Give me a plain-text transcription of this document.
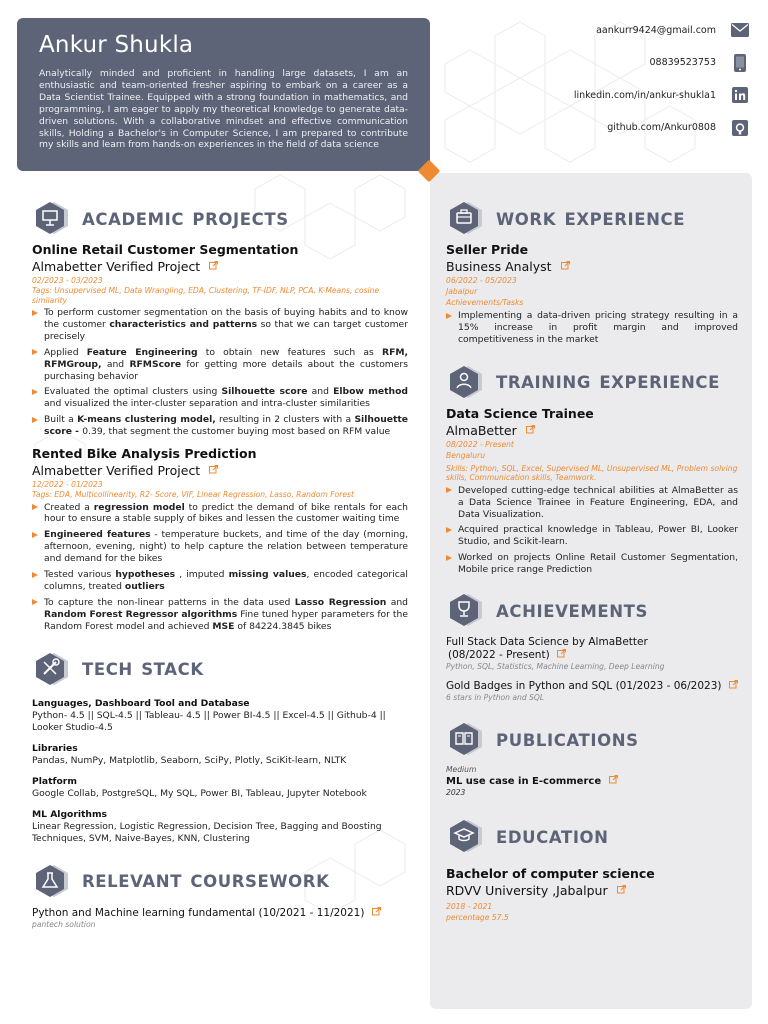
Ankur Shukla
Analytically minded and proficient in handling large datasets, I am an enthusiastic and team-oriented fresher aspiring to embark on a career as a Data Scientist Trainee. Equipped with a strong foundation in mathematics, and programming, I am eager to apply my theoretical knowledge to generate data-driven solutions. With a collaborative mindset and effective communication skills, Holding a Bachelor's in Computer Science, I am prepared to contribute my skills and learn from hands-on experiences in the field of data science
aankurr9424@gmail.com
08839523753
linkedin.com/in/ankur-shukla1
github.com/Ankur0808
ACADEMIC PROJECTS
Online Retail Customer Segmentation
Almabetter Verified Project
02/2023 - 03/2023
Tags: Unsupervised ML, Data Wrangling, EDA, Clustering, TF-IDF, NLP, PCA, K-Means, cosine similarity
To perform customer segmentation on the basis of buying habits and to know the customer characteristics and patterns so that we can target customer precisely
Applied Feature Engineering to obtain new features such as RFM, RFMGroup, and RFMScore for getting more details about the customers purchasing behavior
Evaluated the optimal clusters using Silhouette score and Elbow method and visualized the inter-cluster separation and intra-cluster similarities
Built a K-means clustering model, resulting in 2 clusters with a Silhouette score - 0.39, that segment the customer buying most based on RFM value
Rented Bike Analysis Prediction
Almabetter Verified Project
12/2022 - 01/2023
Tags: EDA, Multicollinearity, R2- Score, VIF, Linear Regression, Lasso, Random Forest
Created a regression model to predict the demand of bike rentals for each hour to ensure a stable supply of bikes and lessen the customer waiting time
Engineered features - temperature buckets, and time of the day (morning, afternoon, evening, night) to help capture the relation between temperature and demand for the bikes
Tested various hypotheses , imputed missing values, encoded categorical columns, treated outliers
To capture the non-linear patterns in the data used Lasso Regression and Random Forest Regressor algorithms Fine tuned hyper parameters for the Random Forest model and achieved MSE of 84224.3845 bikes
TECH STACK
Languages, Dashboard Tool and Database
Python- 4.5 || SQL-4.5 || Tableau- 4.5 || Power BI-4.5 || Excel-4.5 || Github-4 || Looker Studio-4.5
Libraries
Pandas, NumPy, Matplotlib, Seaborn, SciPy, Plotly, SciKit-learn, NLTK
Platform
Google Collab, PostgreSQL, My SQL, Power BI, Tableau, Jupyter Notebook
ML Algorithms
Linear Regression, Logistic Regression, Decision Tree, Bagging and Boosting Techniques, SVM, Naive-Bayes, KNN, Clustering
RELEVANT COURSEWORK
Python and Machine learning fundamental (10/2021 - 11/2021)
pantech solution
WORK EXPERIENCE
Seller Pride
Business Analyst
06/2022 - 05/2023
Jabalpur
Achievements/Tasks
Implementing a data-driven pricing strategy resulting in a 15% increase in profit margin and improved competitiveness in the market
TRAINING EXPERIENCE
Data Science Trainee
AlmaBetter
08/2022 - Present
Bengaluru
Skills: Python, SQL, Excel, Supervised ML, Unsupervised ML, Problem solving skills, Communication skills, Teamwork.
Developed cutting-edge technical abilities at AlmaBetter as a Data Science Trainee in Feature Engineering, EDA, and Data Visualization.
Acquired practical knowledge in Tableau, Power BI, Looker Studio, and Scikit-learn.
Worked on projects Online Retail Customer Segmentation, Mobile price range Prediction
ACHIEVEMENTS
Full Stack Data Science by AlmaBetter
(08/2022 - Present)
Python, SQL, Statistics, Machine Learning, Deep Learning
Gold Badges in Python and SQL (01/2023 - 06/2023)
6 stars in Python and SQL
PUBLICATIONS
Medium
ML use case in E-commerce
2023
EDUCATION
Bachelor of computer science
RDVV University ,Jabalpur
2018 - 2021
percentage 57.5
